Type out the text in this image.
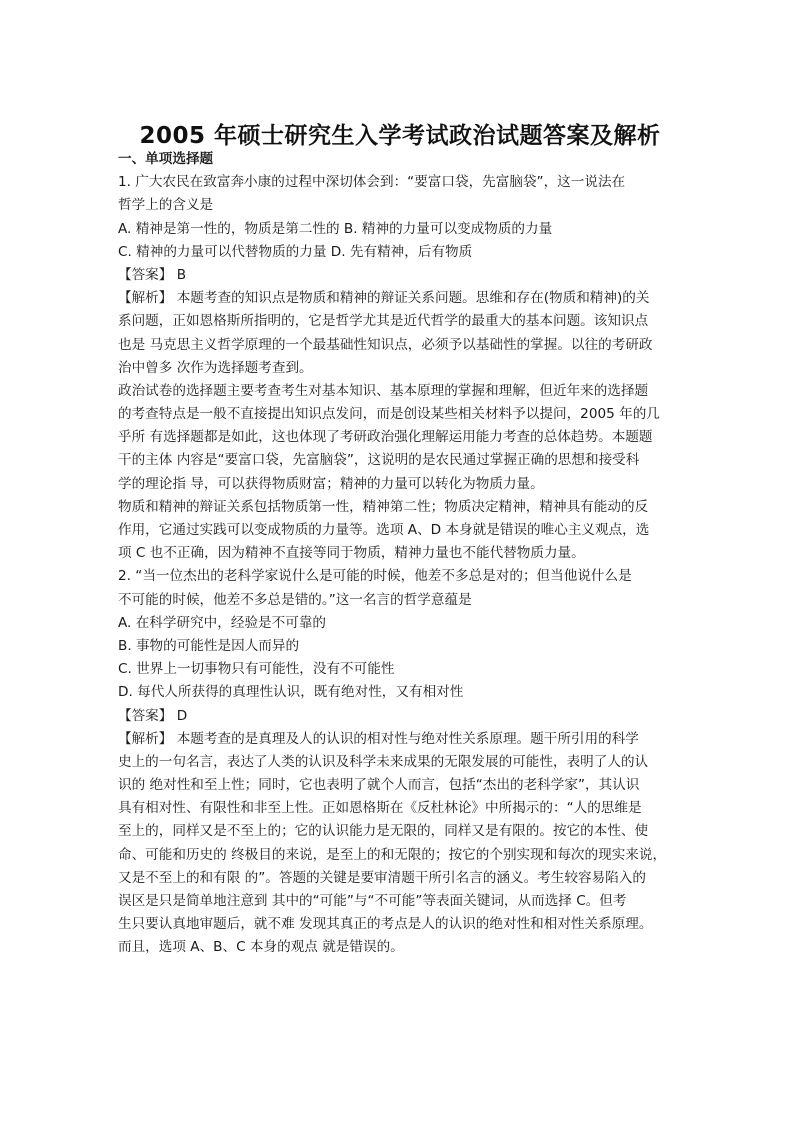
2005 年硕士研究生入学考试政治试题答案及解析
一、单项选择题
1. 广大农民在致富奔小康的过程中深切体会到：“要富口袋，先富脑袋”，这一说法在
哲学上的含义是
A. 精神是第一性的，物质是第二性的 B. 精神的力量可以变成物质的力量
C. 精神的力量可以代替物质的力量 D. 先有精神，后有物质
【答案】 B
【解析】 本题考查的知识点是物质和精神的辩证关系问题。思维和存在(物质和精神)的关
系问题，正如恩格斯所指明的，它是哲学尤其是近代哲学的最重大的基本问题。该知识点
也是 马克思主义哲学原理的一个最基础性知识点，必须予以基础性的掌握。以往的考研政
治中曾多 次作为选择题考查到。
政治试卷的选择题主要考查考生对基本知识、基本原理的掌握和理解，但近年来的选择题
的考查特点是一般不直接提出知识点发问，而是创设某些相关材料予以提问，2005 年的几
乎所 有选择题都是如此，这也体现了考研政治强化理解运用能力考查的总体趋势。本题题
干的主体 内容是“要富口袋，先富脑袋”，这说明的是农民通过掌握正确的思想和接受科
学的理论指 导，可以获得物质财富；精神的力量可以转化为物质力量。
物质和精神的辩证关系包括物质第一性，精神第二性；物质决定精神，精神具有能动的反
作用，它通过实践可以变成物质的力量等。选项 A、D 本身就是错误的唯心主义观点，选
项 C 也不正确，因为精神不直接等同于物质，精神力量也不能代替物质力量。
2. “当一位杰出的老科学家说什么是可能的时候，他差不多总是对的；但当他说什么是
不可能的时候，他差不多总是错的。”这一名言的哲学意蕴是
A. 在科学研究中，经验是不可靠的
B. 事物的可能性是因人而异的
C. 世界上一切事物只有可能性，没有不可能性
D. 每代人所获得的真理性认识，既有绝对性，又有相对性
【答案】 D
【解析】 本题考查的是真理及人的认识的相对性与绝对性关系原理。题干所引用的科学
史上的一句名言，表达了人类的认识及科学未来成果的无限发展的可能性，表明了人的认
识的 绝对性和至上性；同时，它也表明了就个人而言，包括“杰出的老科学家”，其认识
具有相对性、有限性和非至上性。正如恩格斯在《反杜林论》中所揭示的：“人的思维是
至上的，同样又是不至上的；它的认识能力是无限的，同样又是有限的。按它的本性、使
命、可能和历史的 终极目的来说，是至上的和无限的；按它的个别实现和每次的现实来说，
又是不至上的和有限 的”。答题的关键是要审清题干所引名言的涵义。考生较容易陷入的
误区是只是简单地注意到 其中的“可能”与“不可能”等表面关键词，从而选择 C。但考
生只要认真地审题后，就不难 发现其真正的考点是人的认识的绝对性和相对性关系原理。
而且，选项 A、B、C 本身的观点 就是错误的。
